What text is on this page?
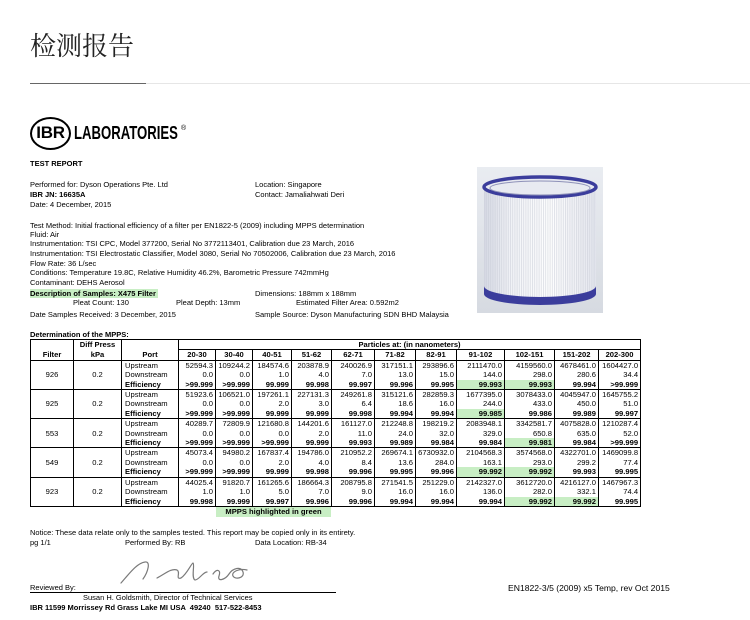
检测报告
IBR LABORATORIES ®
TEST REPORT
Performed for: Dyson Operations Pte. Ltd
IBR JN: 16635A
Date: 4 December, 2015
Location: Singapore
Contact: Jamaliahwati Deri
Test Method: Initial fractional efficiency of a filter per EN1822-5 (2009) including MPPS determination
Fluid: Air
Instrumentation: TSI CPC, Model 377200, Serial No 3772113401, Calibration due 23 March, 2016
Instrumentation: TSI Electrostatic Classifier, Model 3080, Serial No 70502006, Calibration due 23 March, 2016
Flow Rate: 36 L/sec
Conditions: Temperature 19.8C, Relative Humidity 46.2%, Barometric Pressure 742mmHg
Contaminant: DEHS Aerosol
Description of Samples: X475 Filter	Dimensions: 188mm x 188mm
Pleat Count: 130	Pleat Depth: 13mm	Estimated Filter Area: 0.592m2
Date Samples Received: 3 December, 2015	Sample Source: Dyson Manufacturing SDN BHD Malaysia
Determination of the MPPS:
	Diff Press		Particles at: (in nanometers)										
Filter	kPa	Port	20-30	30-40	40-51	51-62	62-71	71-82	82-91	91-102	102-151	151-202	202-300
926	0.2	Upstream	52594.3	109244.2	184574.6	203878.9	240026.9	317151.1	293896.6	2111470.0	4159560.0	4678461.0	1604427.0
		Downstream	0.0	0.0	1.0	4.0	7.0	13.0	15.0	144.0	298.0	280.6	34.4
		Efficiency	>99.999	>99.999	99.999	99.998	99.997	99.996	99.995	99.993	99.993	99.994	>99.999
925	0.2	Upstream	51923.6	106521.0	197261.1	227131.3	249261.8	315121.6	282859.3	1677395.0	3078433.0	4045947.0	1645755.2
		Downstream	0.0	0.0	2.0	3.0	6.4	18.6	16.0	244.0	433.0	450.0	51.0
		Efficiency	>99.999	>99.999	99.999	99.999	99.998	99.994	99.994	99.985	99.986	99.989	99.997
553	0.2	Upstream	40289.7	72809.9	121680.8	144201.6	161127.0	212248.8	198219.2	2083948.1	3342581.7	4075828.0	1210287.4
		Downstream	0.0	0.0	0.0	2.0	11.0	24.0	32.0	329.0	650.8	635.0	52.0
		Efficiency	>99.999	>99.999	>99.999	99.999	99.993	99.989	99.984	99.984	99.981	99.984	>99.999
549	0.2	Upstream	45073.4	94980.2	167837.4	194786.0	210952.2	269674.1	6730932.0	2104568.3	3574568.0	4322701.0	1469099.8
		Downstream	0.0	0.0	2.0	4.0	8.4	13.6	284.0	163.1	293.0	299.2	77.4
		Efficiency	>99.999	>99.999	99.999	99.998	99.996	99.995	99.996	99.992	99.992	99.993	99.995
923	0.2	Upstream	44025.4	91820.7	161265.6	186664.3	208795.8	271541.5	251229.0	2142327.0	3612720.0	4216127.0	1467967.3
		Downstream	1.0	1.0	5.0	7.0	9.0	16.0	16.0	136.0	282.0	332.1	74.4
		Efficiency	99.998	99.999	99.997	99.996	99.996	99.994	99.994	99.994	99.992	99.992	99.995
MPPS highlighted in green
Notice: These data relate only to the samples tested. This report may be copied only in its entirety.
pg 1/1	Performed By: RB	Data Location: RB-34
Reviewed By:	EN1822-3/5 (2009) x5 Temp, rev Oct 2015
Susan H. Goldsmith, Director of Technical Services
IBR 11599 Morrissey Rd Grass Lake MI USA  49240  517-522-8453
